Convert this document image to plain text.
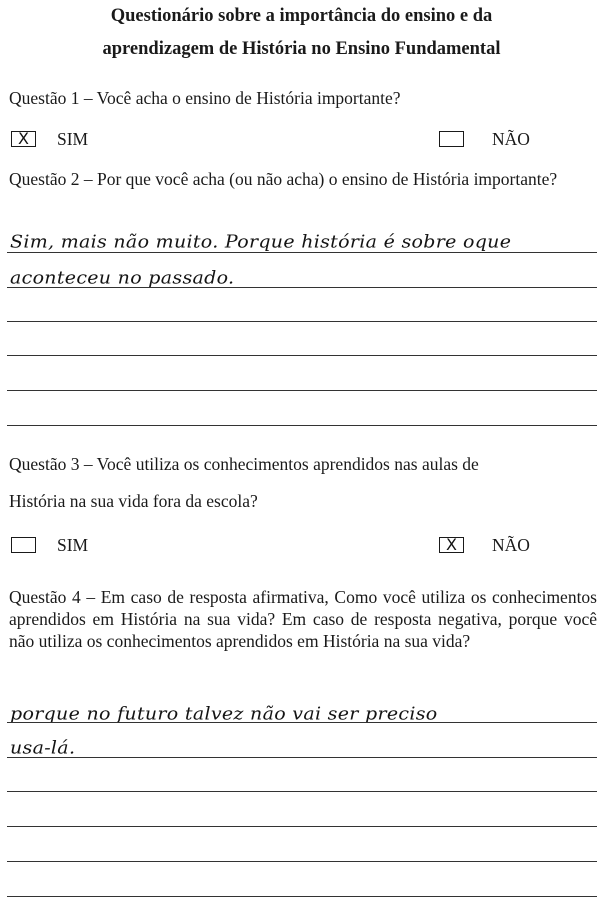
Questionário sobre a importância do ensino e da
aprendizagem de História no Ensino Fundamental
Questão 1 – Você acha o ensino de História importante?
X	SIM	NÃO
Questão 2 – Por que você acha (ou não acha) o ensino de História importante?
Sim, mais não muito. Porque história é sobre oque
aconteceu no passado.
Questão 3 – Você utiliza os conhecimentos aprendidos nas aulas de
História na sua vida fora da escola?
SIM	X	NÃO
Questão 4 – Em caso de resposta afirmativa, Como você utiliza os conhecimentos aprendidos em História na sua vida? Em caso de resposta negativa, porque você não utiliza os conhecimentos aprendidos em História na sua vida?
porque no futuro talvez não vai ser preciso
usa-lá.
